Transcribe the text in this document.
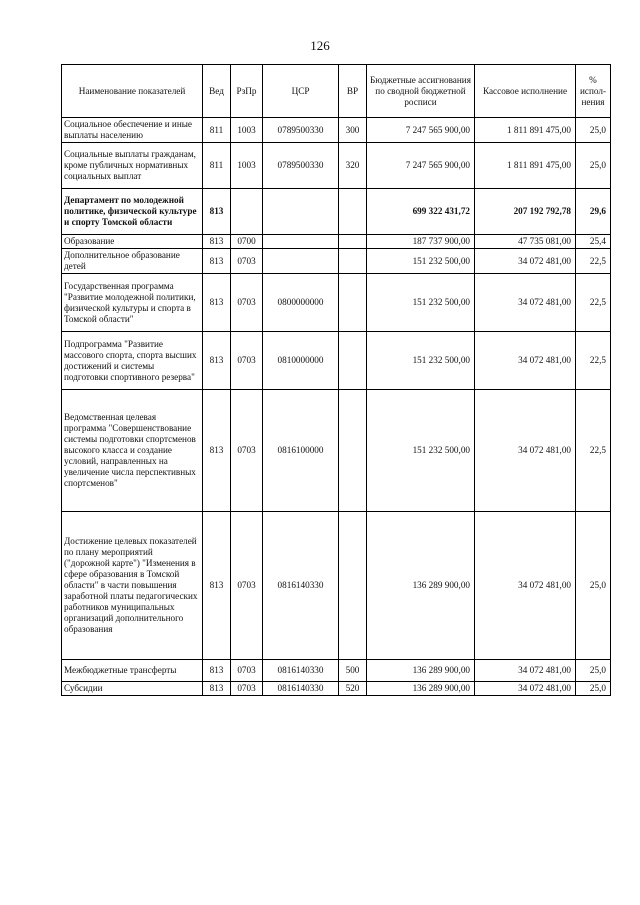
126
Наименование показателей	Вед	РзПр	ЦСР	ВР	Бюджетные ассигнования по сводной бюджетной росписи	Кассовое исполнение	% испол- нения
Социальное обеспечение и иные выплаты населению	811	1003	0789500330	300	7 247 565 900,00	1 811 891 475,00	25,0
Социальные выплаты гражданам, кроме публичных нормативных социальных выплат	811	1003	0789500330	320	7 247 565 900,00	1 811 891 475,00	25,0
Департамент по молодежной политике, физической культуре и спорту Томской области	813				699 322 431,72	207 192 792,78	29,6
Образование	813	0700			187 737 900,00	47 735 081,00	25,4
Дополнительное образование детей	813	0703			151 232 500,00	34 072 481,00	22,5
Государственная программа "Развитие молодежной политики, физической культуры и спорта в Томской области"	813	0703	0800000000		151 232 500,00	34 072 481,00	22,5
Подпрограмма "Развитие массового спорта, спорта высших достижений и системы подготовки спортивного резерва"	813	0703	0810000000		151 232 500,00	34 072 481,00	22,5
Ведомственная целевая программа "Совершенствование системы подготовки спортсменов высокого класса и создание условий, направленных на увеличение числа перспективных спортсменов"	813	0703	0816100000		151 232 500,00	34 072 481,00	22,5
Достижение целевых показателей по плану мероприятий ("дорожной карте") "Изменения в сфере образования в Томской области" в части повышения заработной платы педагогических работников муниципальных организаций дополнительного образования	813	0703	0816140330		136 289 900,00	34 072 481,00	25,0
Межбюджетные трансферты	813	0703	0816140330	500	136 289 900,00	34 072 481,00	25,0
Субсидии	813	0703	0816140330	520	136 289 900,00	34 072 481,00	25,0
